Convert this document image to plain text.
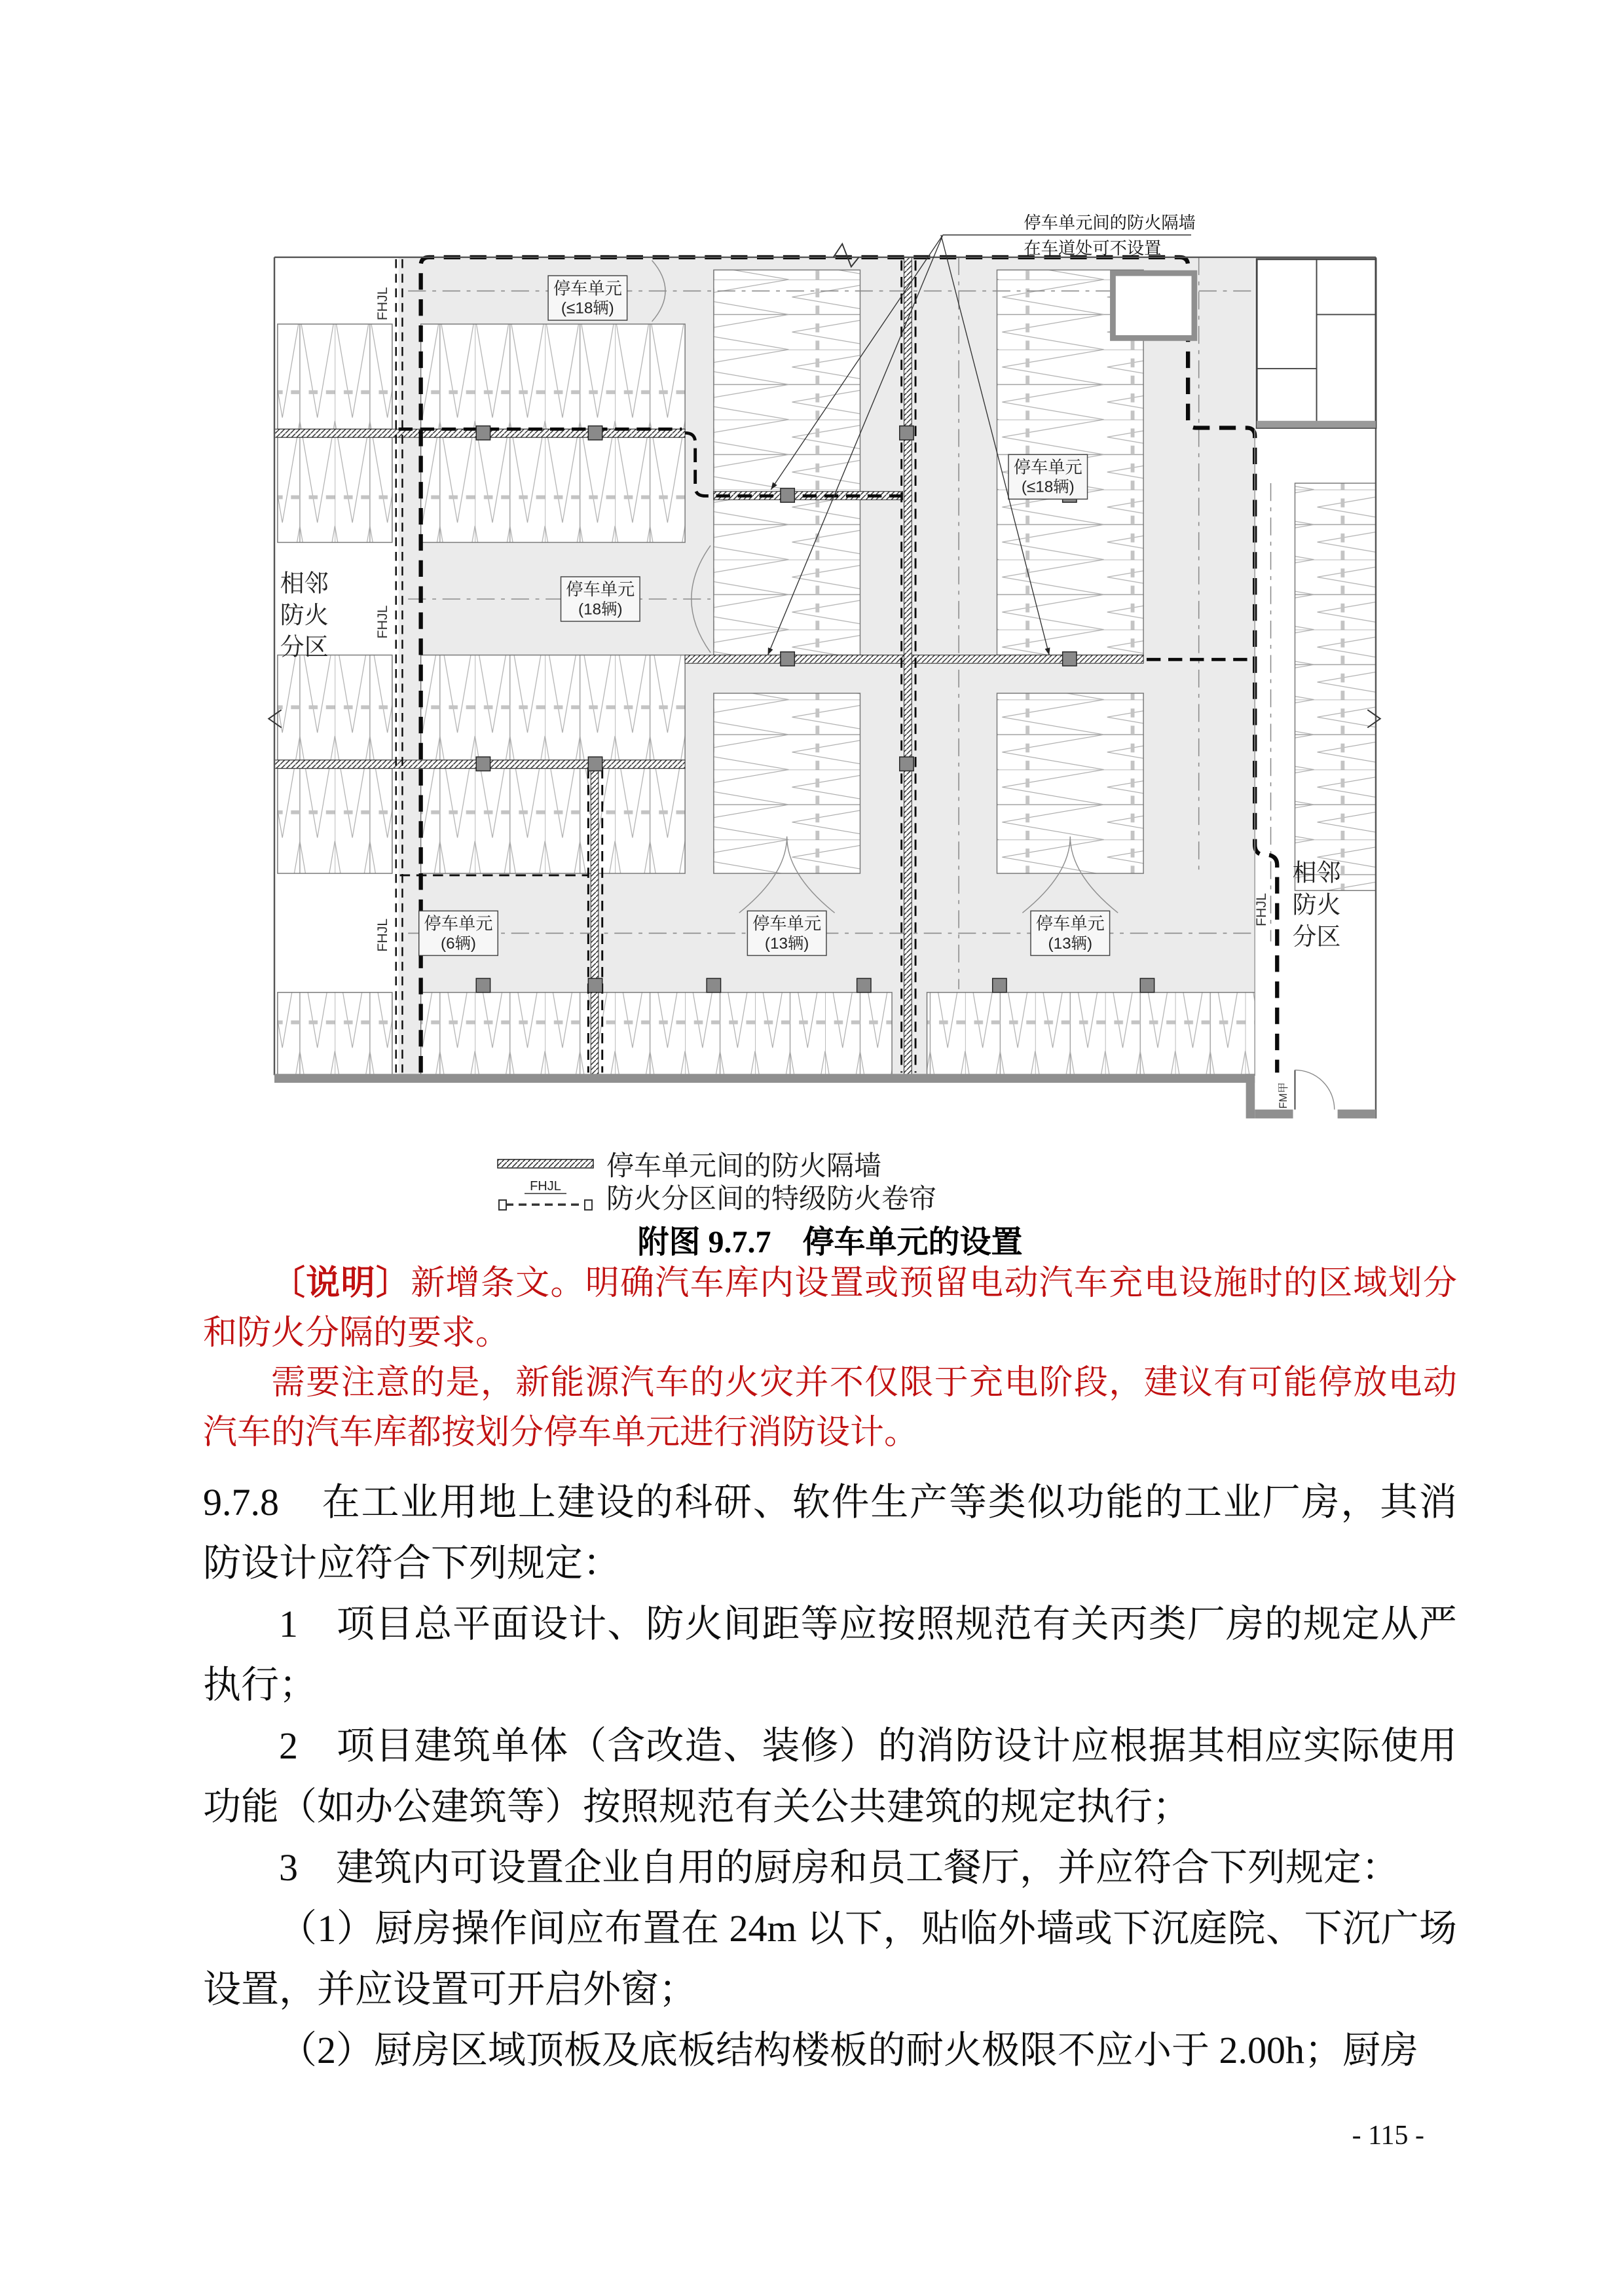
FHJL
FHJL
FHJL
FHJL
FM甲
停车单元
(≤18辆)
停车单元
(18辆)
停车单元
(≤18辆)
停车单元
(6辆)
停车单元
(13辆)
停车单元
(13辆)
相邻
防火
分区
相邻
防火
分区
停车单元间的防火隔墙
在车道处可不设置
停车单元间的防火隔墙
FHJL 防火分区间的特级防火卷帘
附图 9.7.7　停车单元的设置

〔说明〕新增条文。明确汽车库内设置或预留电动汽车充电设施时的区域划分和防火分隔的要求。

需要注意的是，新能源汽车的火灾并不仅限于充电阶段，建议有可能停放电动汽车的汽车库都按划分停车单元进行消防设计。

9.7.8 在工业用地上建设的科研、软件生产等类似功能的工业厂房，其消防设计应符合下列规定：

1 项目总平面设计、防火间距等应按照规范有关丙类厂房的规定从严执行；

2 项目建筑单体（含改造、装修）的消防设计应根据其相应实际使用功能（如办公建筑等）按照规范有关公共建筑的规定执行；

3 建筑内可设置企业自用的厨房和员工餐厅，并应符合下列规定：

（1）厨房操作间应布置在 24m 以下，贴临外墙或下沉庭院、下沉广场设置，并应设置可开启外窗；

（2）厨房区域顶板及底板结构楼板的耐火极限不应小于 2.00h；厨房

- 115 -
